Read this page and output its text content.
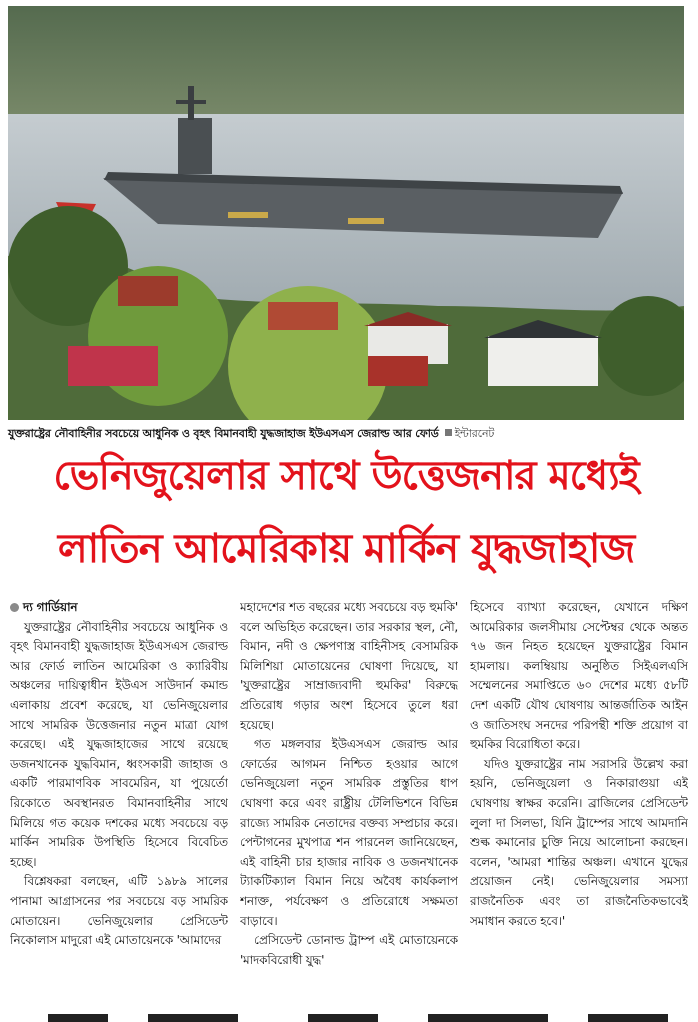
যুক্তরাষ্ট্রের নৌবাহিনীর সবচেয়ে আধুনিক ও বৃহৎ বিমানবাহী যুদ্ধজাহাজ ইউএসএস জেরাল্ড আর ফোর্ড ইন্টারনেট
ভেনিজুয়েলার সাথে উত্তেজনার মধ্যেই
লাতিন আমেরিকায় মার্কিন যুদ্ধজাহাজ
দ্য গার্ডিয়ান

যুক্তরাষ্ট্রের নৌবাহিনীর সবচেয়ে আধুনিক ও বৃহৎ বিমানবাহী যুদ্ধজাহাজ ইউএসএস জেরাল্ড আর ফোর্ড লাতিন আমেরিকা ও ক্যারিবীয় অঞ্চলের দায়িত্বাধীন ইউএস সাউদার্ন কমান্ড এলাকায় প্রবেশ করেছে, যা ভেনিজুয়েলার সাথে সামরিক উত্তেজনার নতুন মাত্রা যোগ করেছে। এই যুদ্ধজাহাজের সাথে রয়েছে ডজনখানেক যুদ্ধবিমান, ধ্বংসকারী জাহাজ ও একটি পারমাণবিক সাবমেরিন, যা পুয়ের্তো রিকোতে অবস্থানরত বিমানবাহিনীর সাথে মিলিয়ে গত কয়েক দশকের মধ্যে সবচেয়ে বড় মার্কিন সামরিক উপস্থিতি হিসেবে বিবেচিত হচ্ছে।

বিশ্লেষকরা বলছেন, এটি ১৯৮৯ সালের পানামা আগ্রাসনের পর সবচেয়ে বড় সামরিক মোতায়েন। ভেনিজুয়েলার প্রেসিডেন্ট নিকোলাস মাদুরো এই মোতায়েনকে 'আমাদের

মহাদেশের শত বছরের মধ্যে সবচেয়ে বড় হুমকি' বলে অভিহিত করেছেন। তার সরকার স্থল, নৌ, বিমান, নদী ও ক্ষেপণাস্ত্র বাহিনীসহ বেসামরিক মিলিশিয়া মোতায়েনের ঘোষণা দিয়েছে, যা 'যুক্তরাষ্ট্রের সাম্রাজ্যবাদী হুমকির' বিরুদ্ধে প্রতিরোধ গড়ার অংশ হিসেবে তুলে ধরা হয়েছে।

গত মঙ্গলবার ইউএসএস জেরাল্ড আর ফোর্ডের আগমন নিশ্চিত হওয়ার আগে ভেনিজুয়েলা নতুন সামরিক প্রস্তুতির ধাপ ঘোষণা করে এবং রাষ্ট্রীয় টেলিভিশনে বিভিন্ন রাজ্যে সামরিক নেতাদের বক্তব্য সম্প্রচার করে। পেন্টাগনের মুখপাত্র শন পারনেল জানিয়েছেন, এই বাহিনী চার হাজার নাবিক ও ডজনখানেক ট্যাকটিক্যাল বিমান নিয়ে অবৈধ কার্যকলাপ শনাক্ত, পর্যবেক্ষণ ও প্রতিরোধে সক্ষমতা বাড়াবে।

প্রেসিডেন্ট ডোনাল্ড ট্রাম্প এই মোতায়েনকে 'মাদকবিরোধী যুদ্ধ'

হিসেবে ব্যাখ্যা করেছেন, যেখানে দক্ষিণ আমেরিকার জলসীমায় সেপ্টেম্বর থেকে অন্তত ৭৬ জন নিহত হয়েছেন যুক্তরাষ্ট্রের বিমান হামলায়। কলম্বিয়ায় অনুষ্ঠিত সিইএলএসি সম্মেলনের সমাপ্তিতে ৬০ দেশের মধ্যে ৫৮টি দেশ একটি যৌথ ঘোষণায় আন্তর্জাতিক আইন ও জাতিসংঘ সনদের পরিপন্থী শক্তি প্রয়োগ বা হুমকির বিরোধিতা করে।

যদিও যুক্তরাষ্ট্রের নাম সরাসরি উল্লেখ করা হয়নি, ভেনিজুয়েলা ও নিকারাগুয়া এই ঘোষণায় স্বাক্ষর করেনি। ব্রাজিলের প্রেসিডেন্ট লুলা দা সিলভা, যিনি ট্রাম্পের সাথে আমদানি শুল্ক কমানোর চুক্তি নিয়ে আলোচনা করছেন। বলেন, 'আমরা শান্তির অঞ্চল। এখানে যুদ্ধের প্রয়োজন নেই। ভেনিজুয়েলার সমস্যা রাজনৈতিক এবং তা রাজনৈতিকভাবেই সমাধান করতে হবে।'
